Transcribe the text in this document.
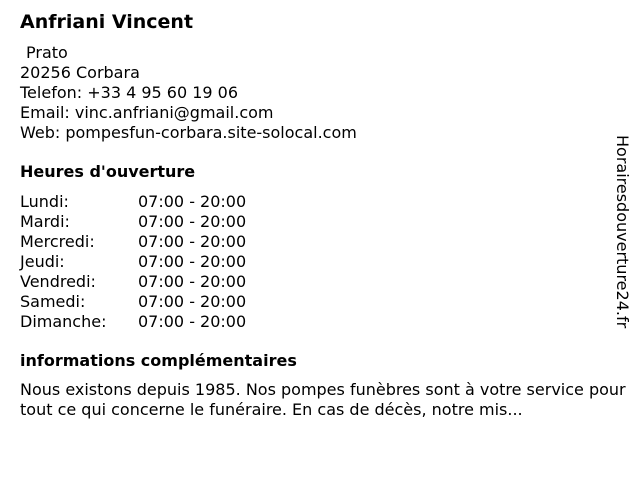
Anfriani Vincent
Prato
20256 Corbara
Telefon: +33 4 95 60 19 06
Email: vinc.anfriani@gmail.com
Web: pompesfun-corbara.site-solocal.com
Heures d'ouverture
Lundi:	07:00 - 20:00
Mardi:	07:00 - 20:00
Mercredi:	07:00 - 20:00
Jeudi:	07:00 - 20:00
Vendredi:	07:00 - 20:00
Samedi:	07:00 - 20:00
Dimanche:	07:00 - 20:00
informations complémentaires
Nous existons depuis 1985. Nos pompes funèbres sont à votre service pour tout ce qui concerne le funéraire. En cas de décès, notre mis...
Horairesdouverture24.fr
